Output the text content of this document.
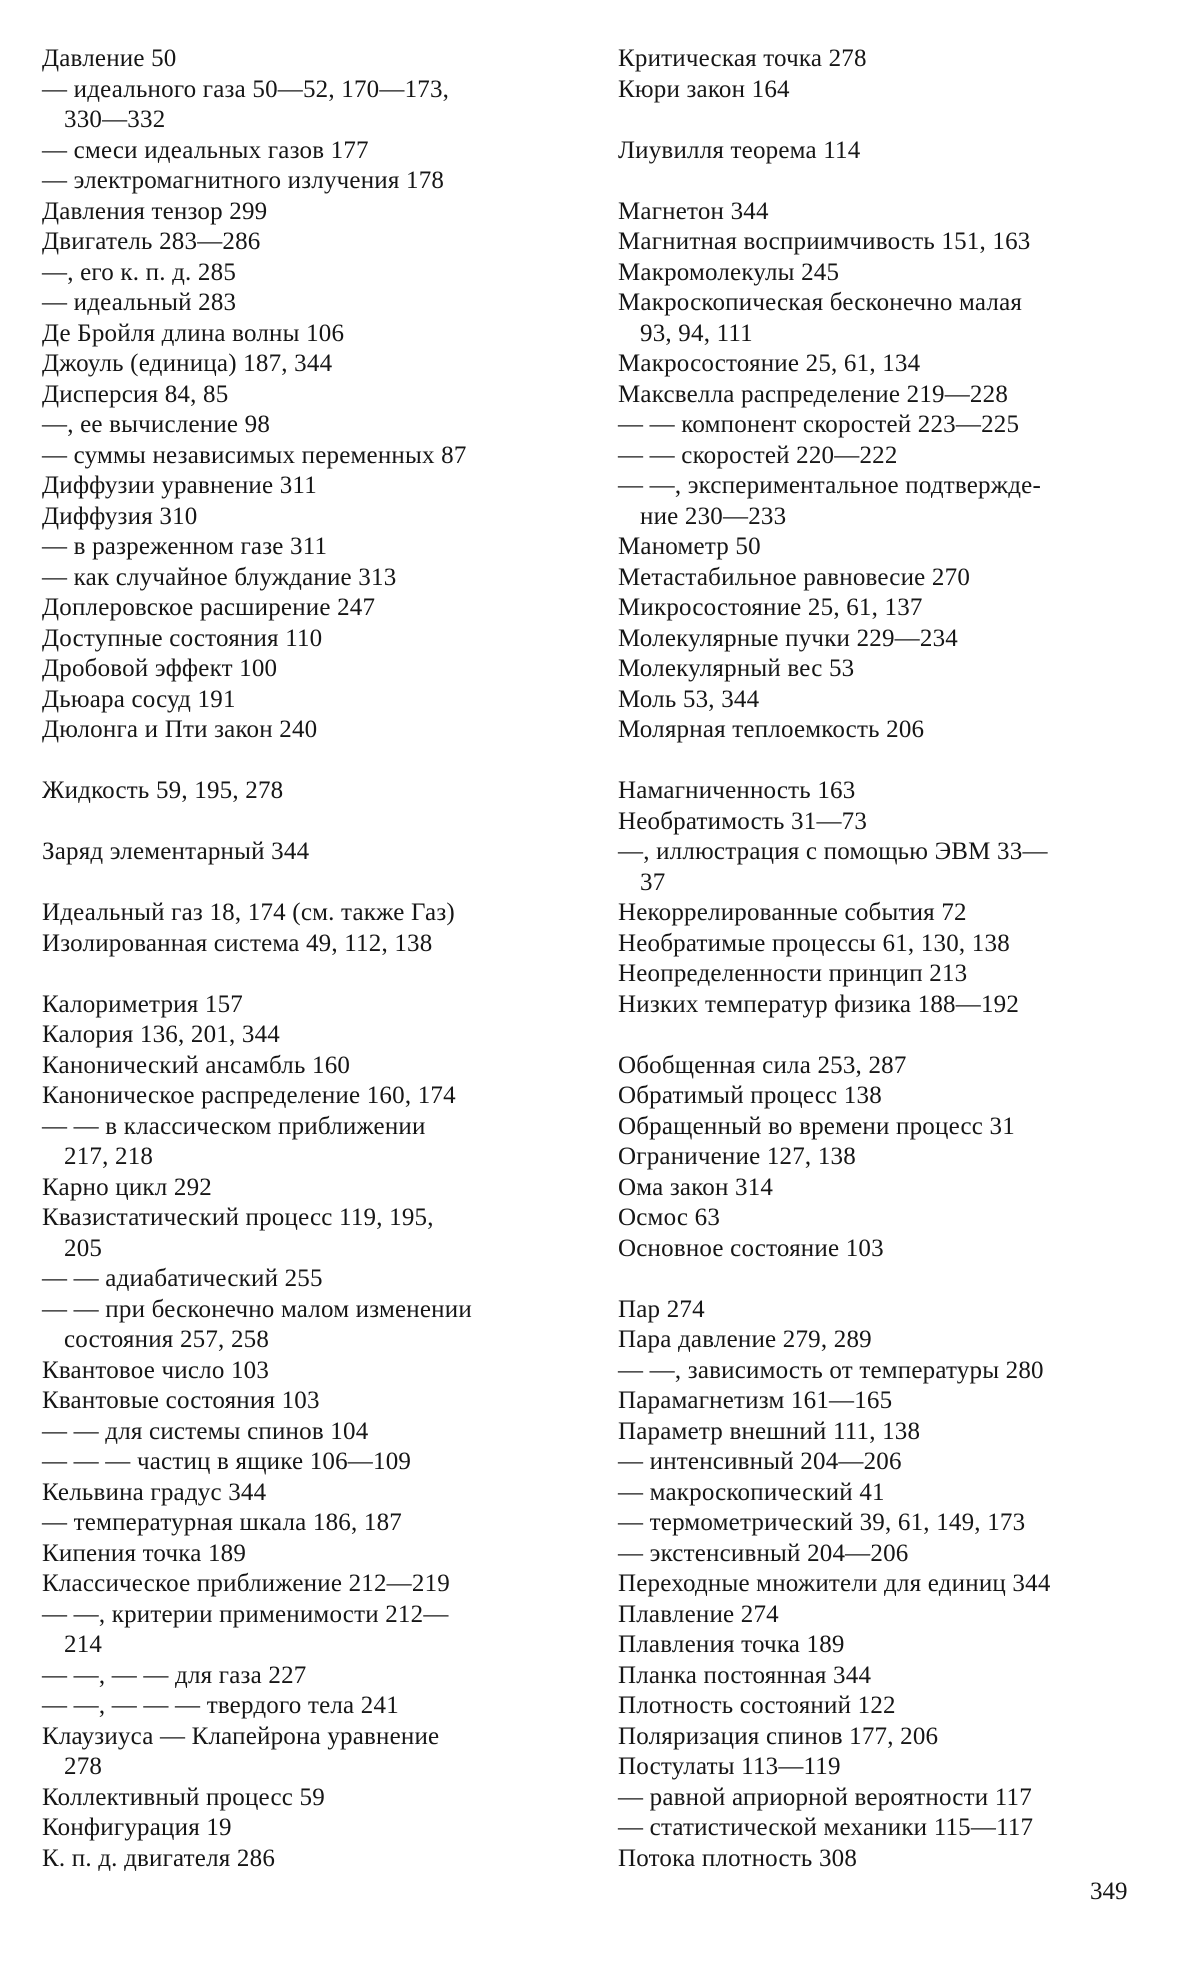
Давление 50
— идеального газа 50—52, 170—173,
330—332
— смеси идеальных газов 177
— электромагнитного излучения 178
Давления тензор 299
Двигатель 283—286
—, его к. п. д. 285
— идеальный 283
Де Бройля длина волны 106
Джоуль (единица) 187, 344
Дисперсия 84, 85
—, ее вычисление 98
— суммы независимых переменных 87
Диффузии уравнение 311
Диффузия 310
— в разреженном газе 311
— как случайное блуждание 313
Доплеровское расширение 247
Доступные состояния 110
Дробовой эффект 100
Дьюара сосуд 191
Дюлонга и Пти закон 240
Жидкость 59, 195, 278
Заряд элементарный 344
Идеальный газ 18, 174 (см. также Газ)
Изолированная система 49, 112, 138
Калориметрия 157
Калория 136, 201, 344
Канонический ансамбль 160
Каноническое распределение 160, 174
— — в классическом приближении
217, 218
Карно цикл 292
Квазистатический процесс 119, 195,
205
— — адиабатический 255
— — при бесконечно малом изменении
состояния 257, 258
Квантовое число 103
Квантовые состояния 103
— — для системы спинов 104
— — — частиц в ящике 106—109
Кельвина градус 344
— температурная шкала 186, 187
Кипения точка 189
Классическое приближение 212—219
— —, критерии применимости 212—
214
— —, — — для газа 227
— —, — — — твердого тела 241
Клаузиуса — Клапейрона уравнение
278
Коллективный процесс 59
Конфигурация 19
К. п. д. двигателя 286
Критическая точка 278
Кюри закон 164
Лиувилля теорема 114
Магнетон 344
Магнитная восприимчивость 151, 163
Макромолекулы 245
Макроскопическая бесконечно малая
93, 94, 111
Макросостояние 25, 61, 134
Максвелла распределение 219—228
— — компонент скоростей 223—225
— — скоростей 220—222
— —, экспериментальное подтвержде-
ние 230—233
Манометр 50
Метастабильное равновесие 270
Микросостояние 25, 61, 137
Молекулярные пучки 229—234
Молекулярный вес 53
Моль 53, 344
Молярная теплоемкость 206
Намагниченность 163
Необратимость 31—73
—, иллюстрация с помощью ЭВМ 33—
37
Некоррелированные события 72
Необратимые процессы 61, 130, 138
Неопределенности принцип 213
Низких температур физика 188—192
Обобщенная сила 253, 287
Обратимый процесс 138
Обращенный во времени процесс 31
Ограничение 127, 138
Ома закон 314
Осмос 63
Основное состояние 103
Пар 274
Пара давление 279, 289
— —, зависимость от температуры 280
Парамагнетизм 161—165
Параметр внешний 111, 138
— интенсивный 204—206
— макроскопический 41
— термометрический 39, 61, 149, 173
— экстенсивный 204—206
Переходные множители для единиц 344
Плавление 274
Плавления точка 189
Планка постоянная 344
Плотность состояний 122
Поляризация спинов 177, 206
Постулаты 113—119
— равной априорной вероятности 117
— статистической механики 115—117
Потока плотность 308
349
